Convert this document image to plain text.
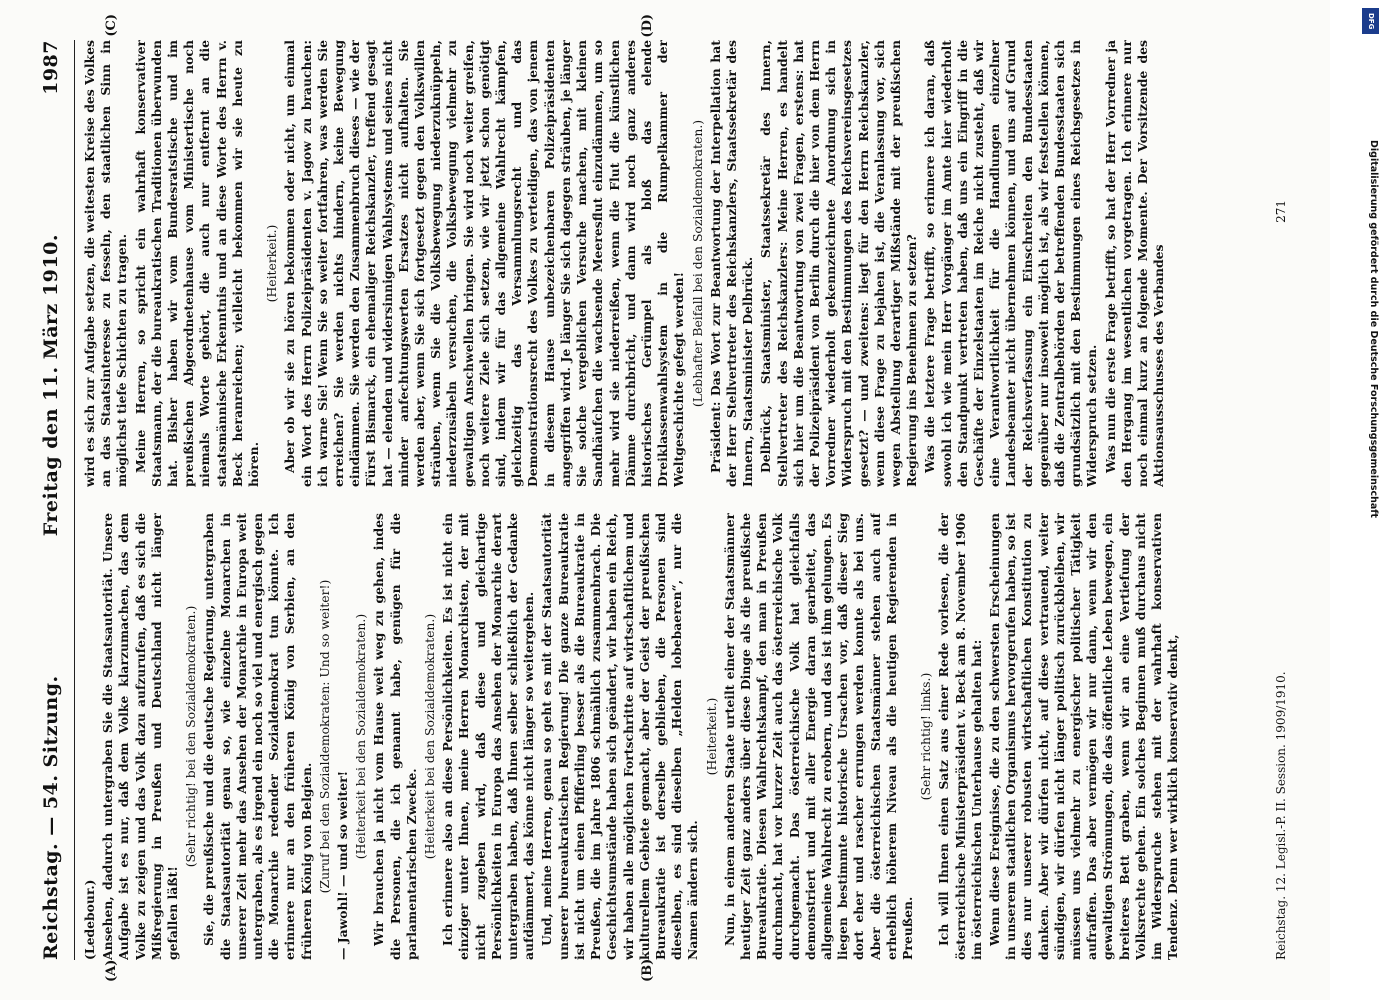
Reichstag. — 54. Sitzung.
Freitag den 11. März 1910.
1987

(Ledebour.) Ansehen, dadurch untergraben Sie die Staatsautorität. Unsere Aufgabe ist es nur, daß dem Volke klarzumachen, das dem Volke zu zeigen und das Volk dazu aufzurufen, daß es sich die Mißregierung in Preußen und Deutschland nicht länger gefallen läßt!

(Sehr richtig! bei den Sozialdemokraten.) Sie, die preußische und die deutsche Regierung, untergraben die Staatsautorität genau so, wie einzelne Monarchen in unserer Zeit mehr das Ansehen der Monarchie in Europa weit untergraben, als es irgend ein noch so viel und energisch gegen die Monarchie redender Sozialdemokrat tun könnte. Ich erinnere nur an den früheren König von Serbien, an den früheren König von Belgien. (Zuruf bei den Sozialdemokraten: Und so weiter!) — Jawohl! — und so weiter!

(Heiterkeit bei den Sozialdemokraten.) Wir brauchen ja nicht vom Hause weit weg zu gehen, indes die Personen, die ich genannt habe, genügen für die parlamentarischen Zwecke.

(Heiterkeit bei den Sozialdemokraten.) Ich erinnere also an diese Persönlichkeiten. Es ist nicht ein einziger unter Ihnen, meine Herren Monarchisten, der mit nicht zugeben wird, daß diese und gleichartige Persönlichkeiten in Europa das Ansehen der Monarchie derart untergraben haben, daß Ihnen selber schließlich der Gedanke aufdämmert, das könne nicht länger so weitergehen. Und, meine Herren, genau so geht es mit der Staatsautorität unserer bureaukratischen Regierung! Die ganze Bureaukratie ist nicht um einen Pfifferling besser als die Bureaukratie in Preußen, die im Jahre 1806 schmählich zusammenbrach. Die Geschichtsumstände haben sich geändert, wir haben ein Reich, wir haben alle möglichen Fortschritte auf wirtschaftlichem und kulturellem Gebiete gemacht, aber der Geist der preußischen Bureaukratie ist derselbe geblieben, die Personen sind dieselben, es sind dieselben „Helden lobebaeren“, nur die Namen ändern sich.

(Heiterkeit.) Nun, in einem anderen Staate urteilt einer der Staatsmänner heutiger Zeit ganz anders über diese Dinge als die preußische Bureaukratie. Diesen Wahlrechtskampf, den man in Preußen durchmacht, hat vor kurzer Zeit auch das österreichische Volk durchgemacht. Das österreichische Volk hat gleichfalls demonstriert und mit aller Energie daran gearbeitet, das allgemeine Wahlrecht zu erobern, und das ist ihm gelungen. Es liegen bestimmte historische Ursachen vor, daß dieser Sieg dort eher und rascher errungen werden konnte als bei uns. Aber die österreichischen Staatsmänner stehen auch auf erheblich höherem Niveau als die heutigen Regierenden in Preußen.

(Sehr richtig! links.) Ich will Ihnen einen Satz aus einer Rede vorlesen, die der österreichische Ministerpräsident v. Beck am 8. November 1906 im österreichischen Unterhause gehalten hat: Wenn diese Ereignisse, die zu den schwersten Erscheinungen in unserem staatlichen Organismus hervorgerufen haben, so ist dies nur unserer robusten wirtschaftlichen Konstitution zu danken. Aber wir dürfen nicht, auf diese vertrauend, weiter sündigen, wir dürfen nicht länger politisch zurückbleiben, wir müssen uns vielmehr zu energischer politischer Tätigkeit aufraffen. Das aber vermögen wir nur dann, wenn wir den gewaltigen Strömungen, die das öffentliche Leben bewegen, ein breiteres Bett graben, wenn wir an eine Vertiefung der Volksrechte gehen. Ein solches Beginnen muß durchaus nicht im Widerspruche stehen mit der wahrhaft konservativen Tendenz. Denn wer wirklich konservativ denkt,

wird es sich zur Aufgabe setzen, die weitesten Kreise des Volkes an das Staatsinteresse zu fesseln, den staatlichen Sinn in möglichst tiefe Schichten zu tragen. Meine Herren, so spricht ein wahrhaft konservativer Staatsmann, der die bureaukratischen Traditionen überwunden hat. Bisher haben wir vom Bundesratstische und im preußischen Abgeordnetenhause vom Ministertische noch niemals Worte gehört, die auch nur entfernt an die staatsmännische Erkenntnis und an diese Worte des Herrn v. Beck heranreichen; vielleicht bekommen wir sie heute zu hören.

(Heiterkeit.) Aber ob wir sie zu hören bekommen oder nicht, um einmal ein Wort des Herrn Polizeipräsidenten v. Jagow zu brauchen: ich warne Sie! Wenn Sie so weiter fortfahren, was werden Sie erreichen? Sie werden nichts hindern, keine Bewegung eindämmen. Sie werden den Zusammenbruch dieses — wie der Fürst Bismarck, ein ehemaliger Reichskanzler, treffend gesagt hat — elenden und widersinnigen Wahlsystems und seines nicht minder anfechtungswerten Ersatzes nicht aufhalten. Sie werden aber, wenn Sie sich fortgesetzt gegen den Volkswillen sträuben, wenn Sie die Volksbewegung niederzuknüppeln, niederzusäbeln versuchen, die Volksbewegung vielmehr zu gewaltigen Anschwellen bringen. Sie wird noch weiter greifen, noch weitere Ziele sich setzen, wie wir jetzt schon genötigt sind, indem wir für das allgemeine Wahlrecht kämpfen, gleichzeitig das Versammlungsrecht und das Demonstrationsrecht des Volkes zu verteidigen, das von jenem in diesem Hause unbezeichenbaren Polizeipräsidenten angegriffen wird. Je länger Sie sich dagegen sträuben, je länger Sie solche vergeblichen Versuche machen, mit kleinen Sandhäufchen die wachsende Meeresflut einzudämmen, um so mehr wird sie niederreißen, wenn die Flut die künstlichen Dämme durchbricht, und dann wird noch ganz anderes historisches Gerümpel als bloß das elende Dreiklassenwahlsystem in die Rumpelkammer der Weltgeschichte gefegt werden! (Lebhafter Beifall bei den Sozialdemokraten.) Präsident: Das Wort zur Beantwortung der Interpellation hat der Herr Stellvertreter des Reichskanzlers, Staatssekretär des Innern, Staatsminister Delbrück. Delbrück, Staatsminister, Staatssekretär des Innern, Stellvertreter des Reichskanzlers: Meine Herren, es handelt sich hier um die Beantwortung von zwei Fragen, erstens: hat der Polizeipräsident von Berlin durch die hier von dem Herrn Vorredner wiederholt gekennzeichnete Anordnung sich in Widerspruch mit den Bestimmungen des Reichsvereinsgesetzes gesetzt? — und zweitens: liegt für den Herrn Reichskanzler, wenn diese Frage zu bejahen ist, die Veranlassung vor, sich wegen Abstellung derartiger Mißstände mit der preußischen Regierung ins Benehmen zu setzen? Was die letztere Frage betrifft, so erinnere ich daran, daß sowohl ich wie mein Herr Vorgänger im Amte hier wiederholt den Standpunkt vertreten haben, daß uns ein Eingriff in die Geschäfte der Einzelstaaten im Reiche nicht zusteht, daß wir eine Verantwortlichkeit für die Handlungen einzelner Landesbeamter nicht übernehmen können, und uns auf Grund der Reichsverfassung ein Einschreiten den Bundesstaaten gegenüber nur insoweit möglich ist, als wir feststellen können, daß die Zentralbehörden der betreffenden Bundesstaaten sich grundsätzlich mit den Bestimmungen eines Reichsgesetzes in Widerspruch setzen. Was nun die erste Frage betrifft, so hat der Herr Vorredner ja den Hergang im wesentlichen vorgetragen. Ich erinnere nur noch einmal kurz an folgende Momente. Der Vorsitzende des Aktionsausschusses des Verbandes

(A)	(B)
(C)	(D)
Reichstag. 12. Legisl.-P. II. Session. 1909/1910.
271
DFG
Digitalisierung gefördert durch die Deutsche Forschungsgemeinschaft
